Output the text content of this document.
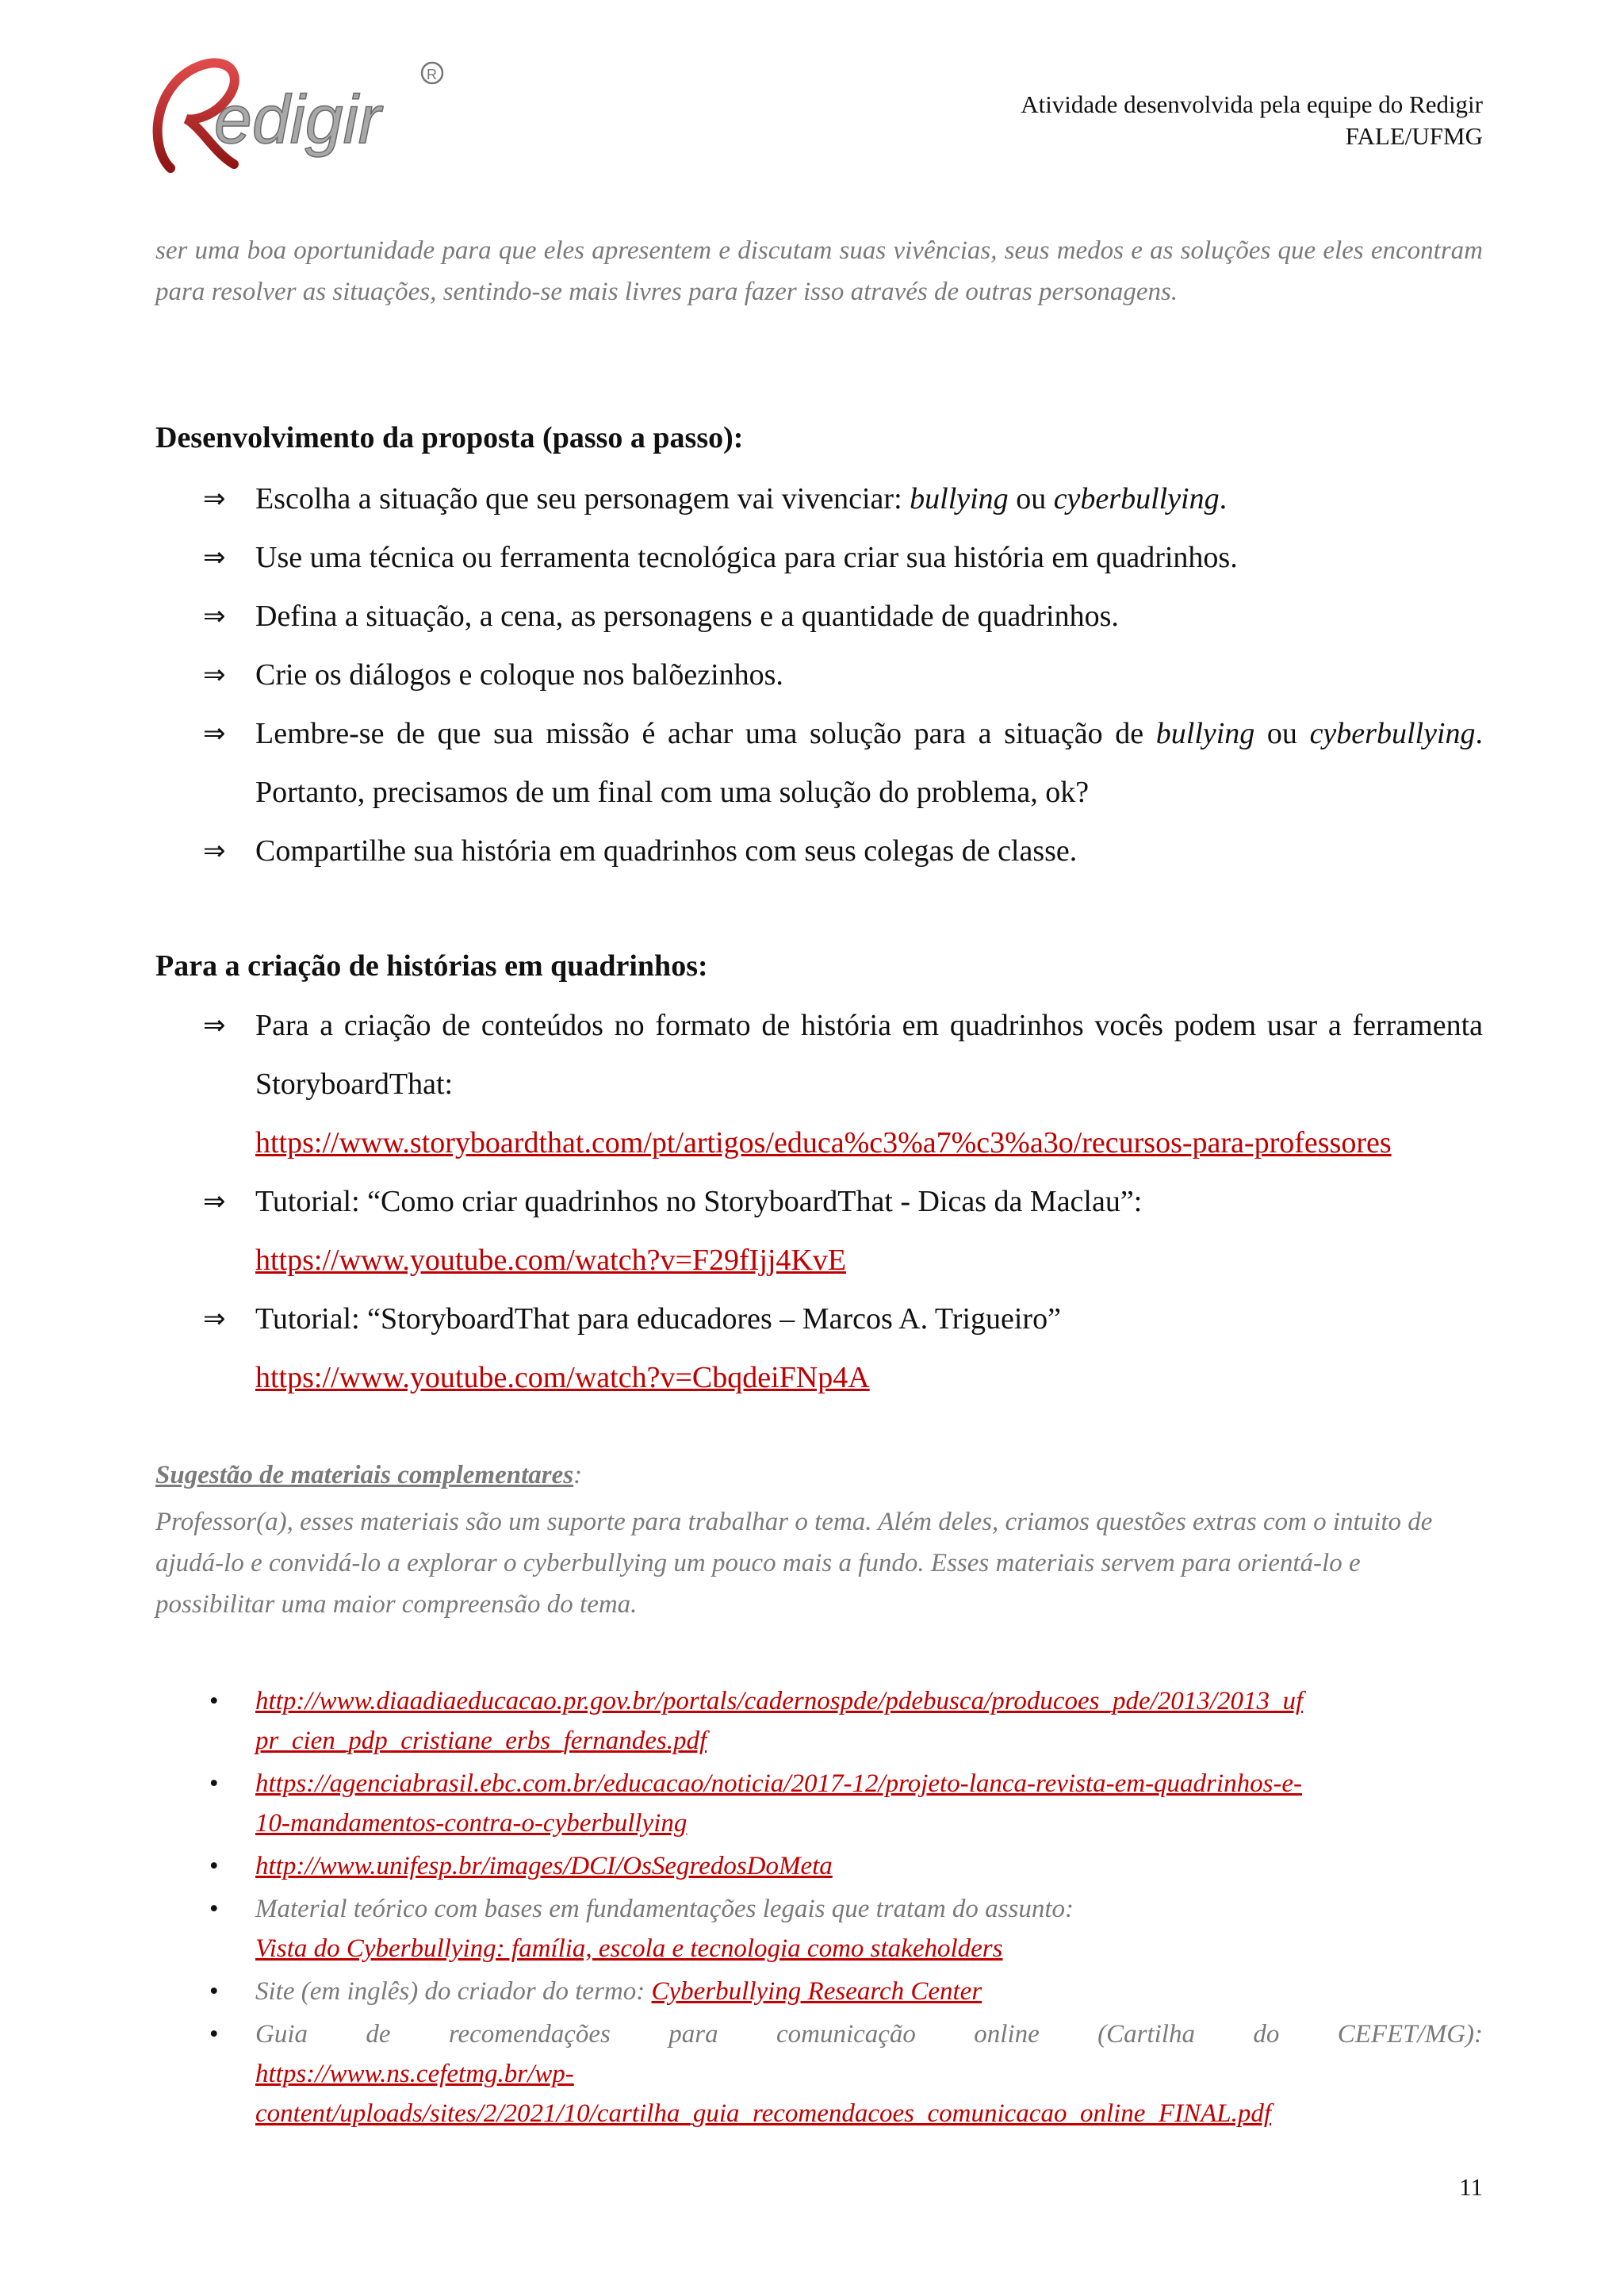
edigir
R
Atividade desenvolvida pela equipe do Redigir
FALE/UFMG

ser uma boa oportunidade para que eles apresentem e discutam suas vivências, seus medos e as soluções que eles encontram para resolver as situações, sentindo-se mais livres para fazer isso através de outras personagens.

Desenvolvimento da proposta (passo a passo):
⇒ Escolha a situação que seu personagem vai vivenciar: bullying ou cyberbullying.
⇒ Use uma técnica ou ferramenta tecnológica para criar sua história em quadrinhos.
⇒ Defina a situação, a cena, as personagens e a quantidade de quadrinhos.
⇒ Crie os diálogos e coloque nos balõezinhos.
⇒ Lembre-se de que sua missão é achar uma solução para a situação de bullying ou cyberbullying. Portanto, precisamos de um final com uma solução do problema, ok?
⇒ Compartilhe sua história em quadrinhos com seus colegas de classe.
Para a criação de histórias em quadrinhos:
⇒ Para a criação de conteúdos no formato de história em quadrinhos vocês podem usar a ferramenta StoryboardThat:
https://www.storyboardthat.com/pt/artigos/educa%c3%a7%c3%a3o/recursos-para-professores
⇒ Tutorial: “Como criar quadrinhos no StoryboardThat - Dicas da Maclau”:
https://www.youtube.com/watch?v=F29fIjj4KvE
⇒ Tutorial: “StoryboardThat para educadores – Marcos A. Trigueiro”
https://www.youtube.com/watch?v=CbqdeiFNp4A

Sugestão de materiais complementares:

Professor(a), esses materiais são um suporte para trabalhar o tema. Além deles, criamos questões extras com o intuito de ajudá-lo e convidá-lo a explorar o cyberbullying um pouco mais a fundo. Esses materiais servem para orientá-lo e possibilitar uma maior compreensão do tema.

• http://www.diaadiaeducacao.pr.gov.br/portals/cadernospde/pdebusca/producoes_pde/2013/2013_uf
pr_cien_pdp_cristiane_erbs_fernandes.pdf
• https://agenciabrasil.ebc.com.br/educacao/noticia/2017-12/projeto-lanca-revista-em-quadrinhos-e-
10-mandamentos-contra-o-cyberbullying
• http://www.unifesp.br/images/DCI/OsSegredosDoMeta
• Material teórico com bases em fundamentações legais que tratam do assunto:
Vista do Cyberbullying: família, escola e tecnologia como stakeholders
• Site (em inglês) do criador do termo: Cyberbullying Research Center
• Guia de recomendações para comunicação online (Cartilha do CEFET/MG):
https://www.ns.cefetmg.br/wp-
content/uploads/sites/2/2021/10/cartilha_guia_recomendacoes_comunicacao_online_FINAL.pdf
11
